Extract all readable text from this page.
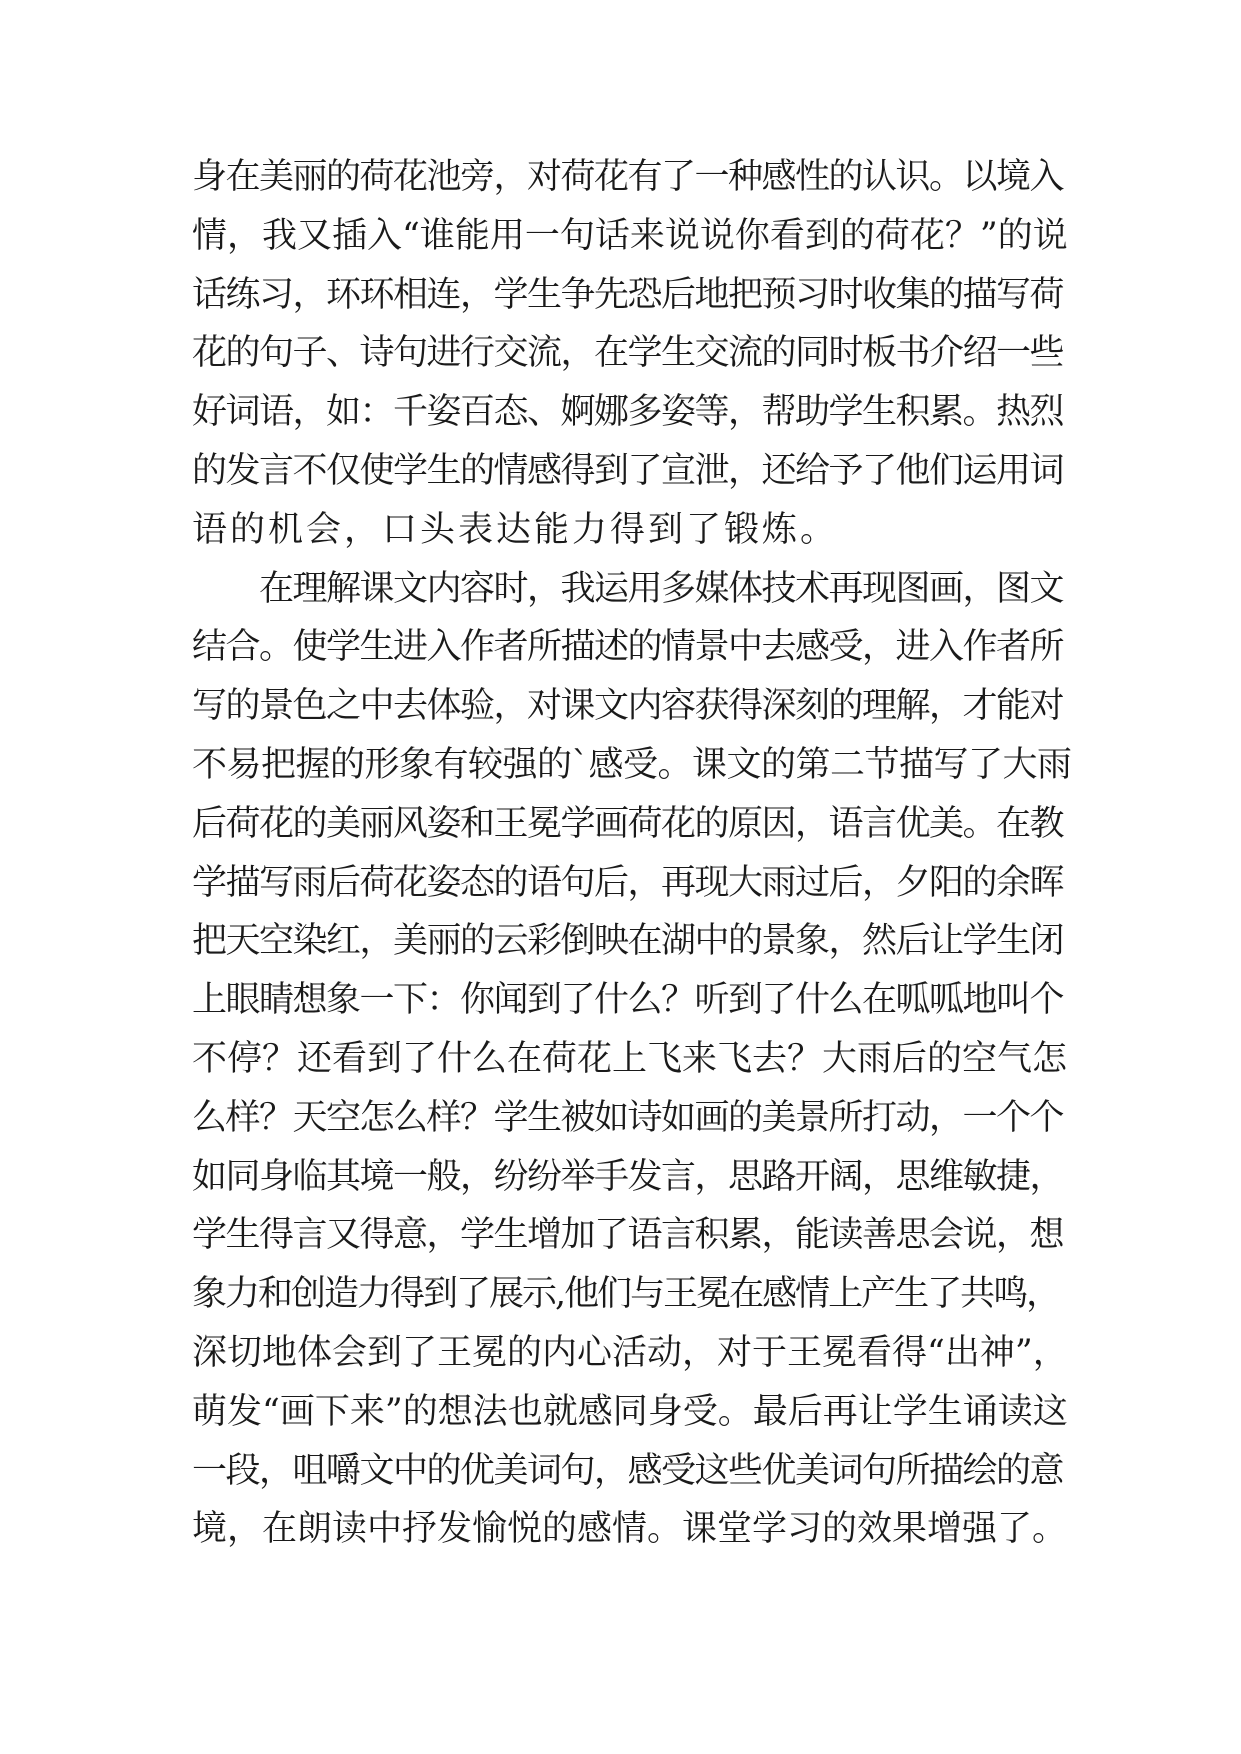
身在美丽的荷花池旁，对荷花有了一种感性的认识。以境入
情，我又插入“谁能用一句话来说说你看到的荷花？”的说
话练习，环环相连，学生争先恐后地把预习时收集的描写荷
花的句子、诗句进行交流，在学生交流的同时板书介绍一些
好词语，如：千姿百态、婀娜多姿等，帮助学生积累。热烈
的发言不仅使学生的情感得到了宣泄，还给予了他们运用词
语的机会，口头表达能力得到了锻炼。
　　在理解课文内容时，我运用多媒体技术再现图画，图文
结合。使学生进入作者所描述的情景中去感受，进入作者所
写的景色之中去体验，对课文内容获得深刻的理解，才能对
不易把握的形象有较强的`感受。课文的第二节描写了大雨
后荷花的美丽风姿和王冕学画荷花的原因，语言优美。在教
学描写雨后荷花姿态的语句后，再现大雨过后，夕阳的余晖
把天空染红，美丽的云彩倒映在湖中的景象，然后让学生闭
上眼睛想象一下：你闻到了什么？听到了什么在呱呱地叫个
不停？还看到了什么在荷花上飞来飞去？大雨后的空气怎
么样？天空怎么样？学生被如诗如画的美景所打动，一个个
如同身临其境一般，纷纷举手发言，思路开阔，思维敏捷，
学生得言又得意，学生增加了语言积累，能读善思会说，想
象力和创造力得到了展示,他们与王冕在感情上产生了共鸣，
深切地体会到了王冕的内心活动，对于王冕看得“出神”，
萌发“画下来”的想法也就感同身受。最后再让学生诵读这
一段，咀嚼文中的优美词句，感受这些优美词句所描绘的意
境，在朗读中抒发愉悦的感情。课堂学习的效果增强了。
